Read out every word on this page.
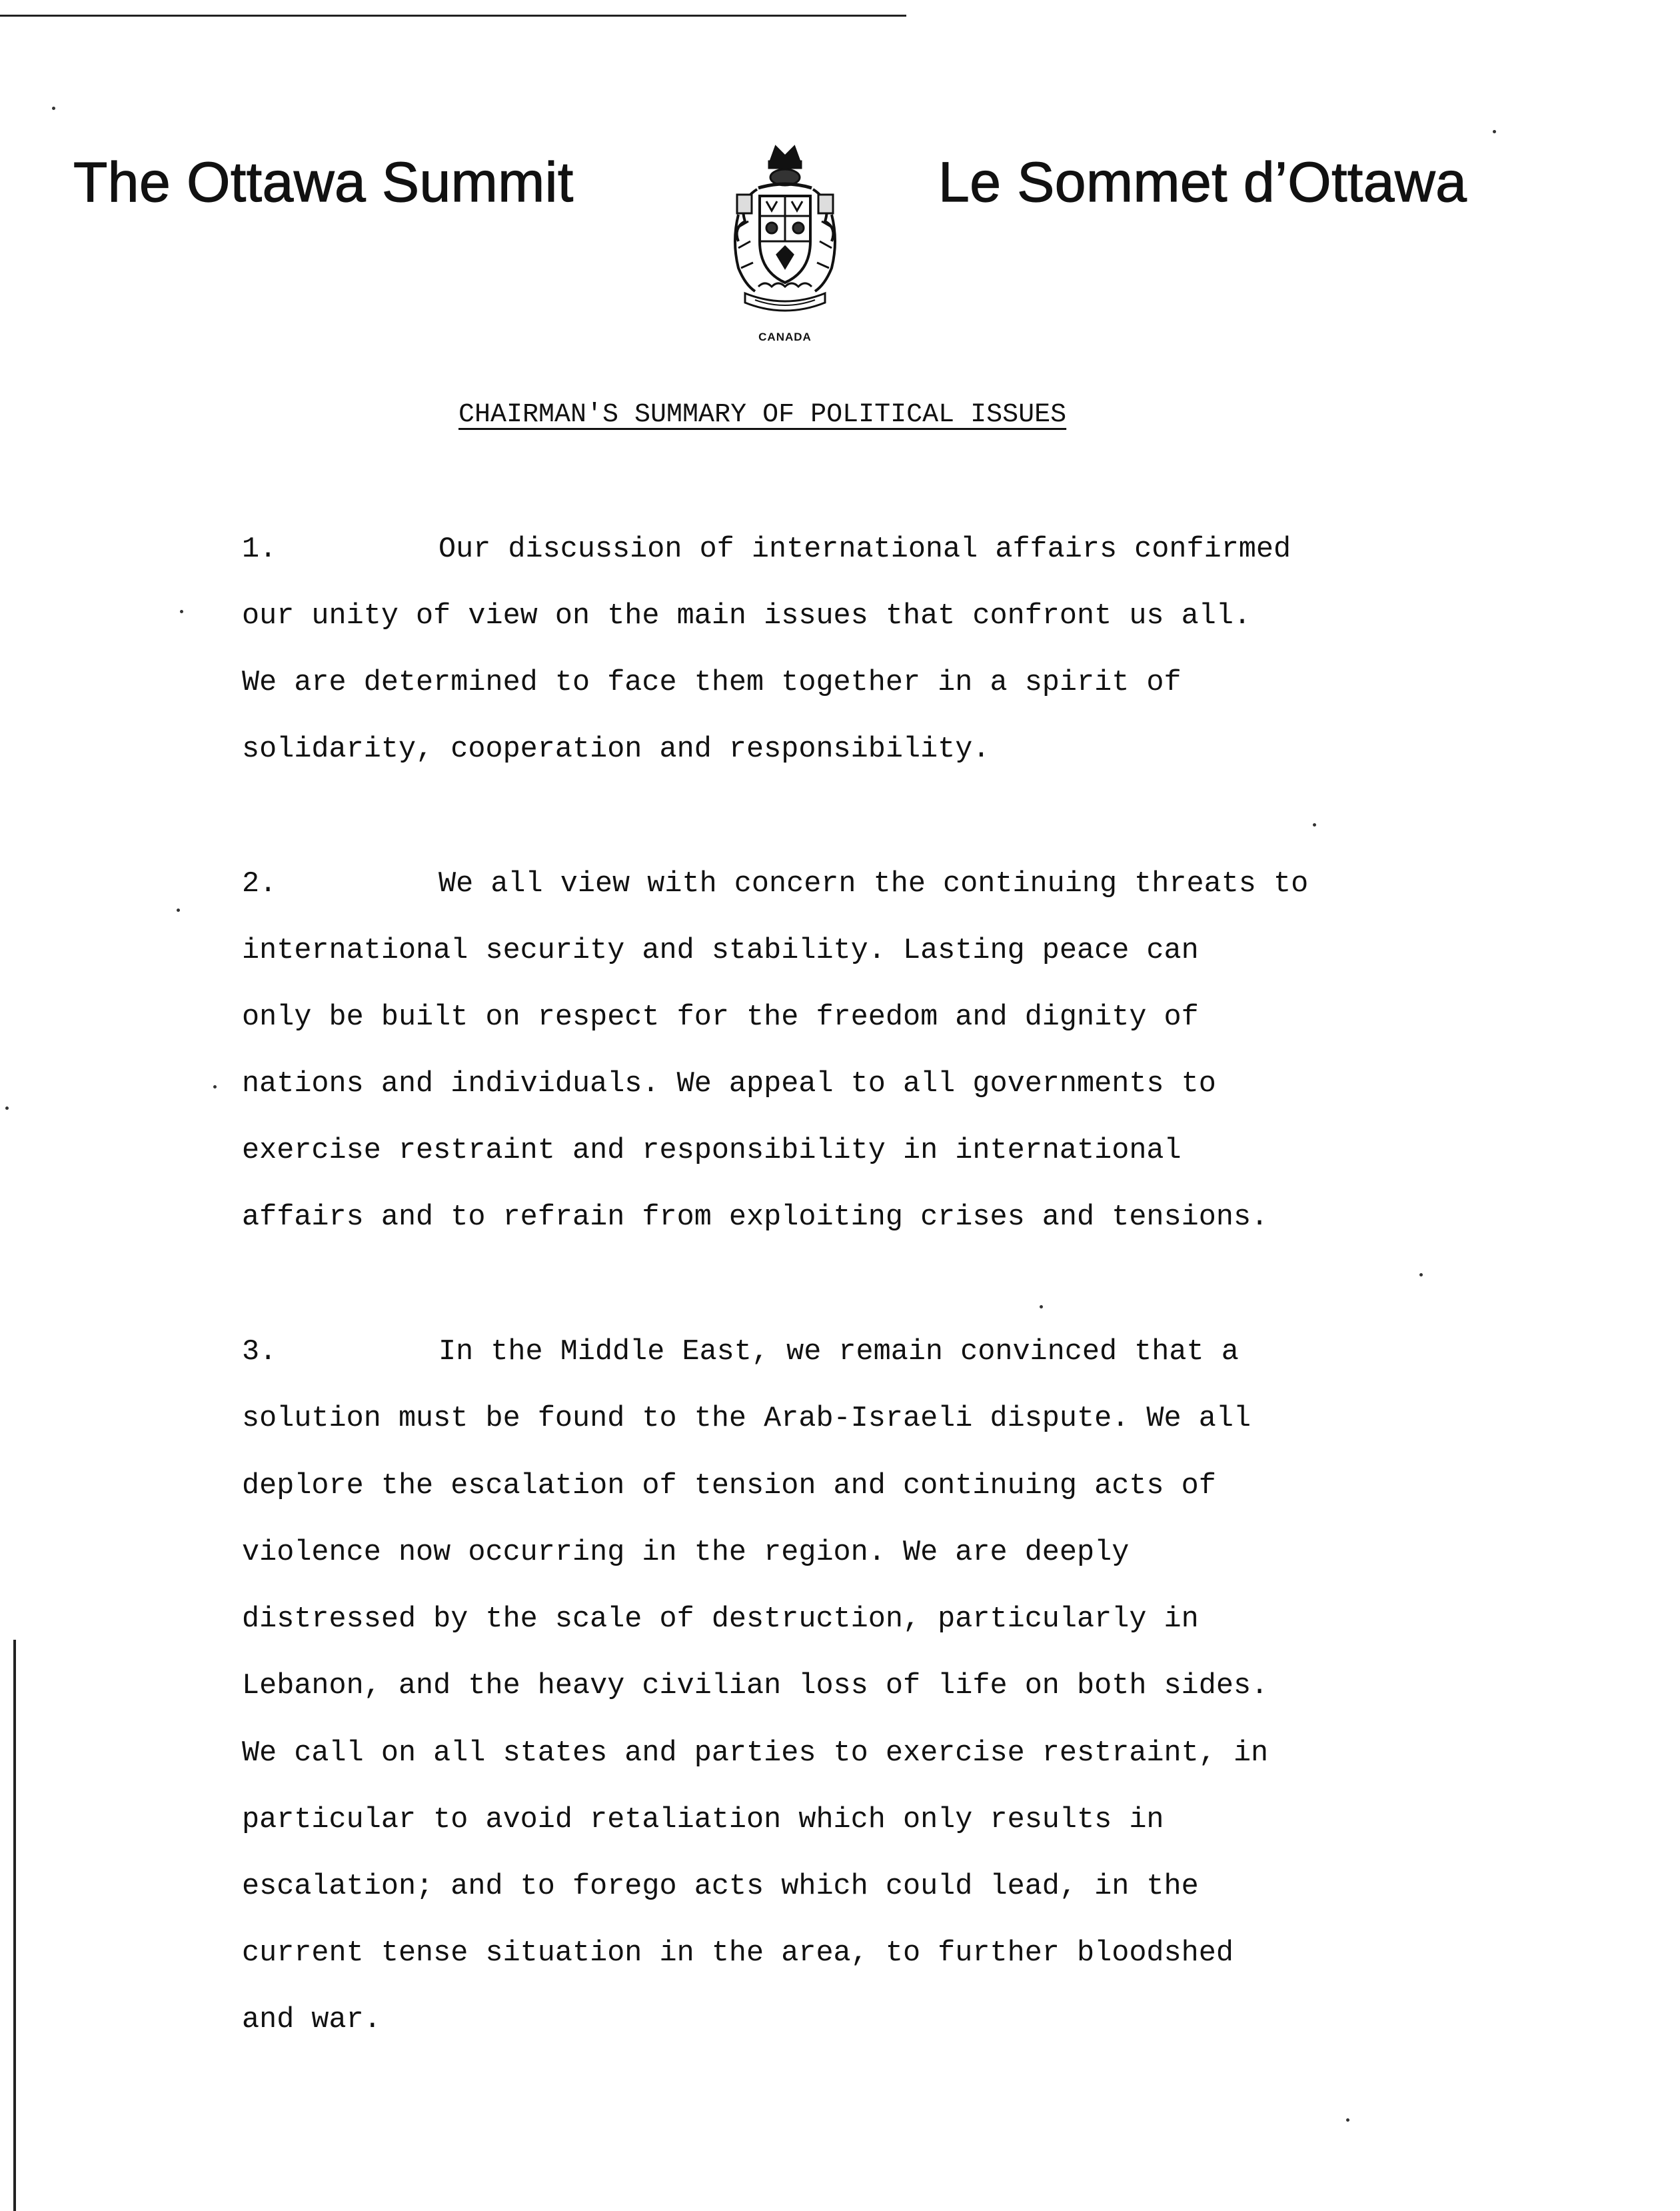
The Ottawa Summit	Le Sommet d’Ottawa
CANADA
CHAIRMAN'S SUMMARY OF POLITICAL ISSUES
1.	Our discussion of international affairs confirmed
our unity of view on the main issues that confront us all.
We are determined to face them together in a spirit of
solidarity, cooperation and responsibility.
2.	We all view with concern the continuing threats to
international security and stability. Lasting peace can
only be built on respect for the freedom and dignity of
nations and individuals. We appeal to all governments to
exercise restraint and responsibility in international
affairs and to refrain from exploiting crises and tensions.
3.	In the Middle East, we remain convinced that a
solution must be found to the Arab-Israeli dispute. We all
deplore the escalation of tension and continuing acts of
violence now occurring in the region. We are deeply
distressed by the scale of destruction, particularly in
Lebanon, and the heavy civilian loss of life on both sides.
We call on all states and parties to exercise restraint, in
particular to avoid retaliation which only results in
escalation; and to forego acts which could lead, in the
current tense situation in the area, to further bloodshed
and war.
